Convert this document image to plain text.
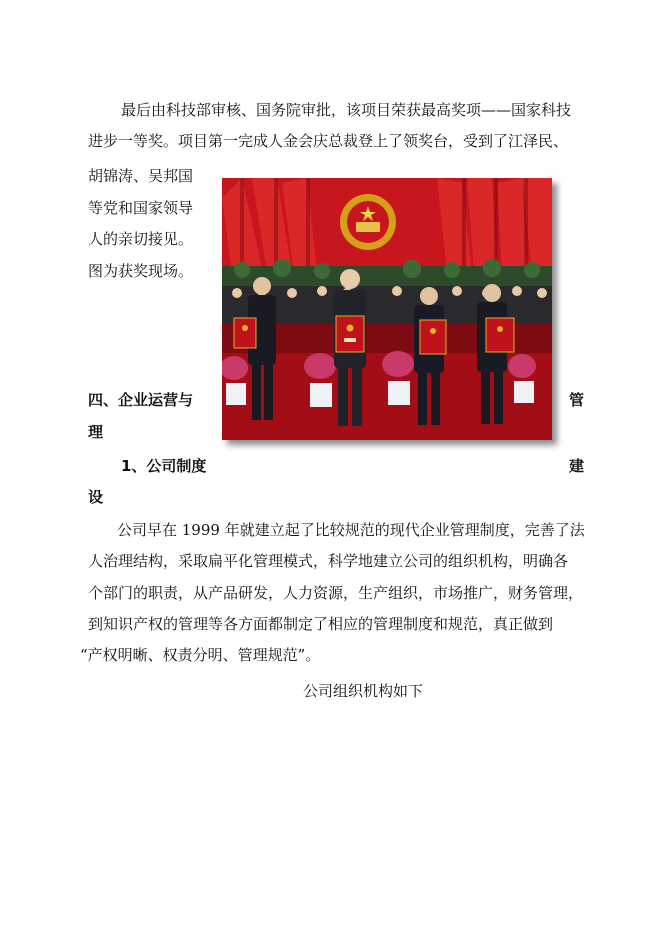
最后由科技部审核、国务院审批，该项目荣获最高奖项——国家科技
进步一等奖。项目第一完成人金会庆总裁登上了领奖台，受到了江泽民、
胡锦涛、吴邦国
等党和国家领导
人的亲切接见。
图为获奖现场。
四、企业运营与	管
理
1、公司制度	建
设
公司早在 1999 年就建立起了比较规范的现代企业管理制度，完善了法
人治理结构，采取扁平化管理模式，科学地建立公司的组织机构，明确各
个部门的职责，从产品研发，人力资源，生产组织，市场推广，财务管理，
到知识产权的管理等各方面都制定了相应的管理制度和规范，真正做到
“产权明晰、权责分明、管理规范”。
公司组织机构如下
